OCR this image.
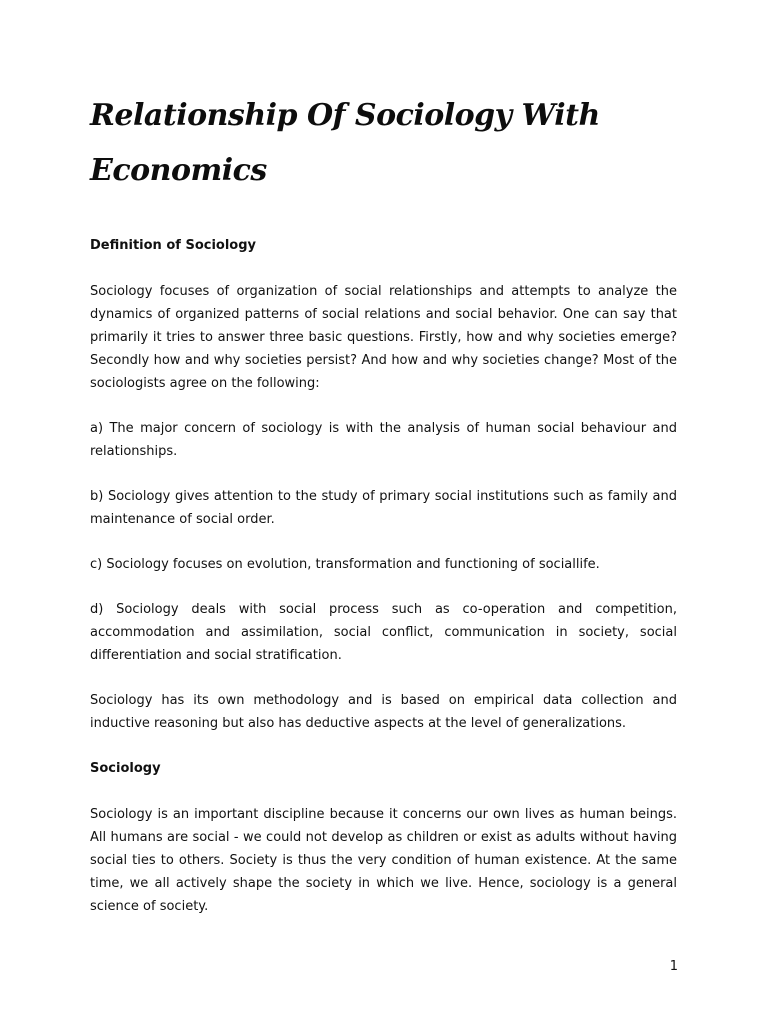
Relationship Of Sociology With Economics
Definition of Sociology

Sociology focuses of organization of social relationships and attempts to analyze the dynamics of organized patterns of social relations and social behavior. One can say that primarily it tries to answer three basic questions. Firstly, how and why societies emerge? Secondly how and why societies persist? And how and why societies change? Most of the sociologists agree on the following:

a) The major concern of sociology is with the analysis of human social behaviour and relationships.

b) Sociology gives attention to the study of primary social institutions such as family and maintenance of social order.

c) Sociology focuses on evolution, transformation and functioning of sociallife.

d) Sociology deals with social process such as co-operation and competition, accommodation and assimilation, social conflict, communication in society, social differentiation and social stratification.

Sociology has its own methodology and is based on empirical data collection and inductive reasoning but also has deductive aspects at the level of generalizations.

Sociology

Sociology is an important discipline because it concerns our own lives as human beings. All humans are social - we could not develop as children or exist as adults without having social ties to others. Society is thus the very condition of human existence. At the same time, we all actively shape the society in which we live. Hence, sociology is a general science of society.

1
